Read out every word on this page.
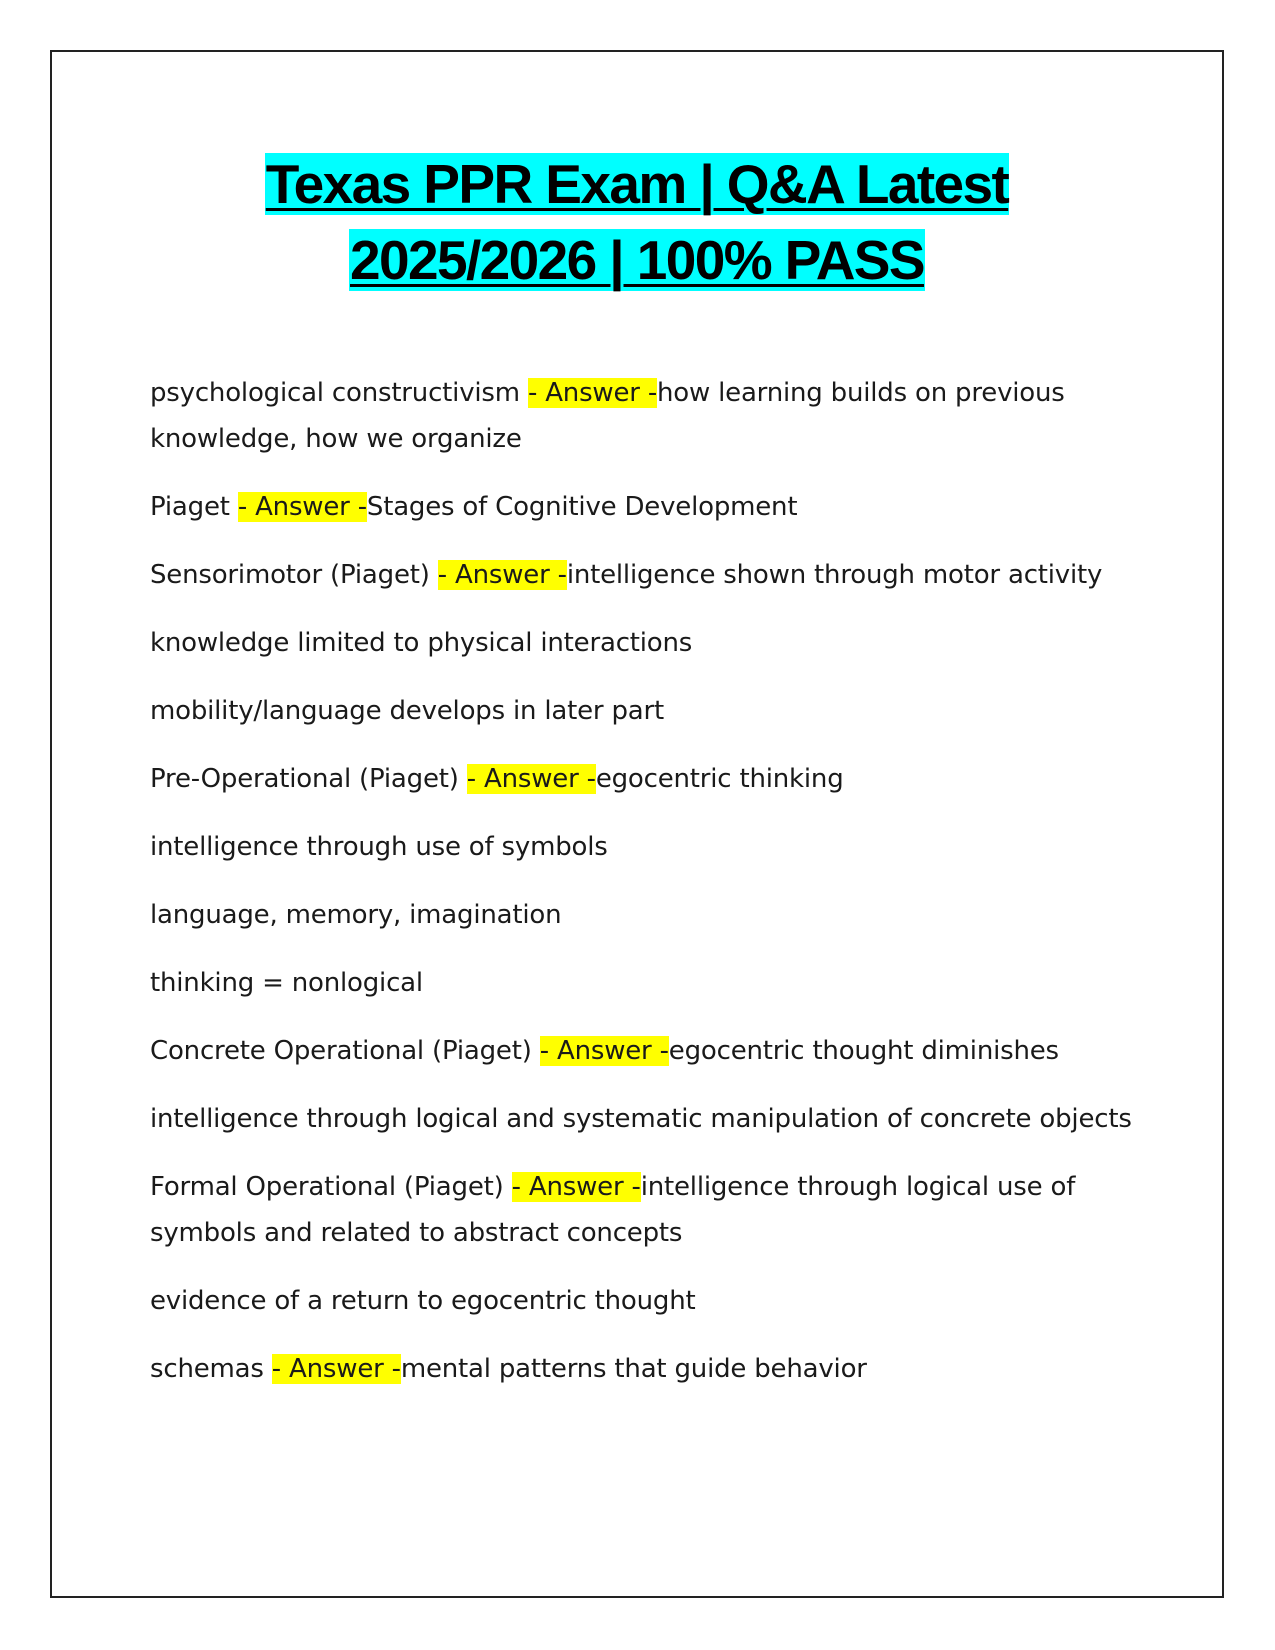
Texas PPR Exam | Q&A Latest
2025/2026 | 100% PASS
psychological constructivism - Answer -how learning builds on previous knowledge, how we organize
Piaget - Answer -Stages of Cognitive Development
Sensorimotor (Piaget) - Answer -intelligence shown through motor activity
knowledge limited to physical interactions
mobility/language develops in later part
Pre-Operational (Piaget) - Answer -egocentric thinking
intelligence through use of symbols
language, memory, imagination
thinking = nonlogical
Concrete Operational (Piaget) - Answer -egocentric thought diminishes
intelligence through logical and systematic manipulation of concrete objects
Formal Operational (Piaget) - Answer -intelligence through logical use of symbols and related to abstract concepts
evidence of a return to egocentric thought
schemas - Answer -mental patterns that guide behavior
